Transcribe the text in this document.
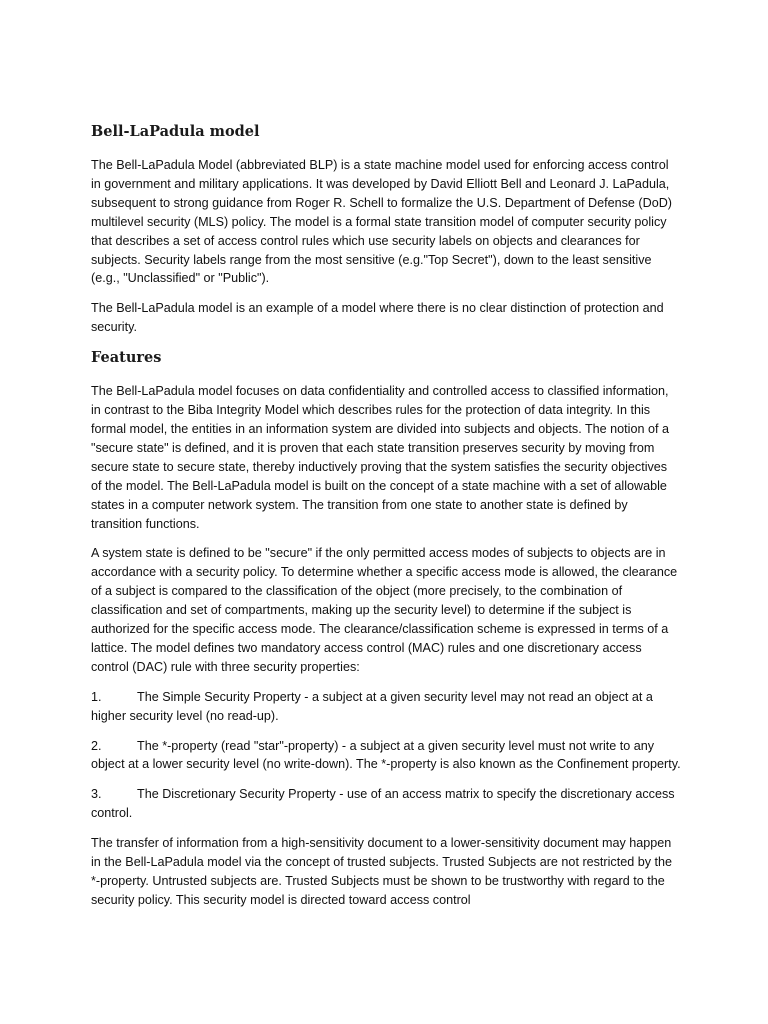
Bell-LaPadula model

The Bell-LaPadula Model (abbreviated BLP) is a state machine model used for enforcing access control in government and military applications. It was developed by David Elliott Bell and Leonard J. LaPadula, subsequent to strong guidance from Roger R. Schell to formalize the U.S. Department of Defense (DoD) multilevel security (MLS) policy. The model is a formal state transition model of computer security policy that describes a set of access control rules which use security labels on objects and clearances for subjects. Security labels range from the most sensitive (e.g."Top Secret"), down to the least sensitive (e.g., "Unclassified" or "Public").

The Bell-LaPadula model is an example of a model where there is no clear distinction of protection and security.

Features

The Bell-LaPadula model focuses on data confidentiality and controlled access to classified information, in contrast to the Biba Integrity Model which describes rules for the protection of data integrity. In this formal model, the entities in an information system are divided into subjects and objects. The notion of a "secure state" is defined, and it is proven that each state transition preserves security by moving from secure state to secure state, thereby inductively proving that the system satisfies the security objectives of the model. The Bell-LaPadula model is built on the concept of a state machine with a set of allowable states in a computer network system. The transition from one state to another state is defined by transition functions.

A system state is defined to be "secure" if the only permitted access modes of subjects to objects are in accordance with a security policy. To determine whether a specific access mode is allowed, the clearance of a subject is compared to the classification of the object (more precisely, to the combination of classification and set of compartments, making up the security level) to determine if the subject is authorized for the specific access mode. The clearance/classification scheme is expressed in terms of a lattice. The model defines two mandatory access control (MAC) rules and one discretionary access control (DAC) rule with three security properties:

1.	The Simple Security Property - a subject at a given security level may not read an object at a higher security level (no read-up).
2.	The *-property (read "star"-property) - a subject at a given security level must not write to any object at a lower security level (no write-down). The *-property is also known as the Confinement property.
3.	The Discretionary Security Property - use of an access matrix to specify the discretionary access control.

The transfer of information from a high-sensitivity document to a lower-sensitivity document may happen in the Bell-LaPadula model via the concept of trusted subjects. Trusted Subjects are not restricted by the *-property. Untrusted subjects are. Trusted Subjects must be shown to be trustworthy with regard to the security policy. This security model is directed toward access control
